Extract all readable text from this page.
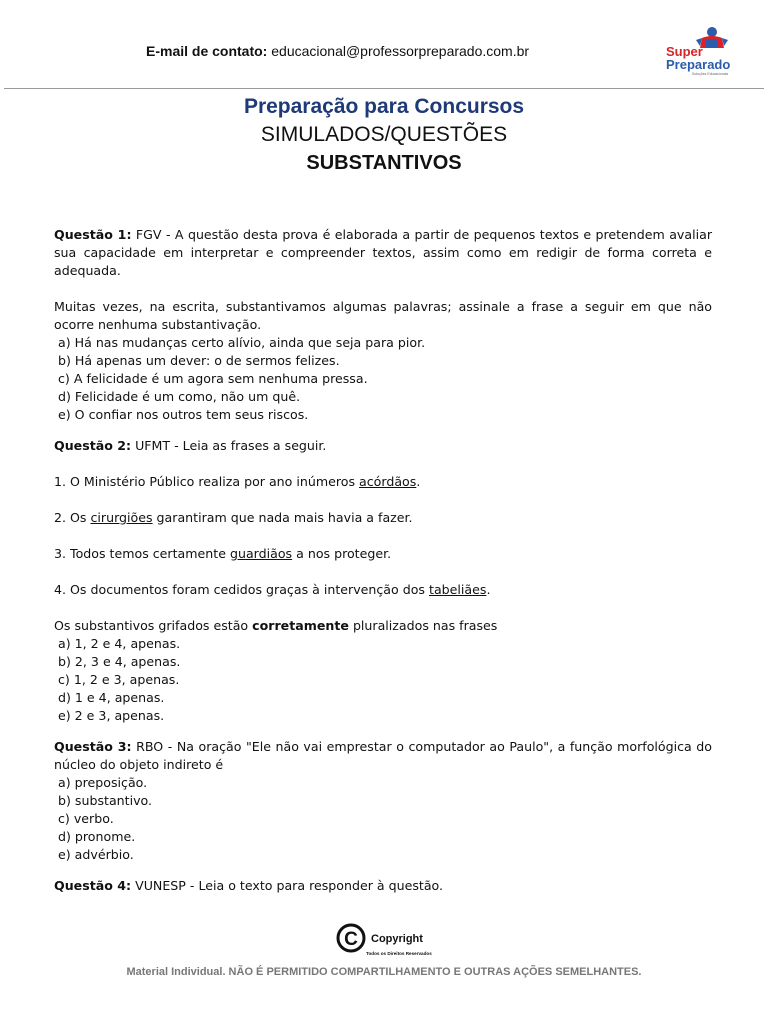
E-mail de contato: educacional@professorpreparado.com.br	Super
Preparado
Soluções Educacionais
Preparação para Concursos
SIMULADOS/QUESTÕES
SUBSTANTIVOS

Questão 1: FGV - A questão desta prova é elaborada a partir de pequenos textos e pretendem avaliar sua capacidade em interpretar e compreender textos, assim como em redigir de forma correta e adequada.

Muitas vezes, na escrita, substantivamos algumas palavras; assinale a frase a seguir em que não ocorre nenhuma substantivação.

a) Há nas mudanças certo alívio, ainda que seja para pior.

b) Há apenas um dever: o de sermos felizes.

c) A felicidade é um agora sem nenhuma pressa.

d) Felicidade é um como, não um quê.

e) O confiar nos outros tem seus riscos.

Questão 2: UFMT - Leia as frases a seguir.

1. O Ministério Público realiza por ano inúmeros acórdãos.

2. Os cirurgiões garantiram que nada mais havia a fazer.

3. Todos temos certamente guardiãos a nos proteger.

4. Os documentos foram cedidos graças à intervenção dos tabeliães.

Os substantivos grifados estão corretamente pluralizados nas frases

a) 1, 2 e 4, apenas.

b) 2, 3 e 4, apenas.

c) 1, 2 e 3, apenas.

d) 1 e 4, apenas.

e) 2 e 3, apenas.

Questão 3: RBO - Na oração "Ele não vai emprestar o computador ao Paulo", a função morfológica do núcleo do objeto indireto é

a) preposição.

b) substantivo.

c) verbo.

d) pronome.

e) advérbio.

Questão 4: VUNESP - Leia o texto para responder à questão.

C Copyright
Todos os Direitos Reservados
Material Individual. NÃO É PERMITIDO COMPARTILHAMENTO E OUTRAS AÇÕES SEMELHANTES.
